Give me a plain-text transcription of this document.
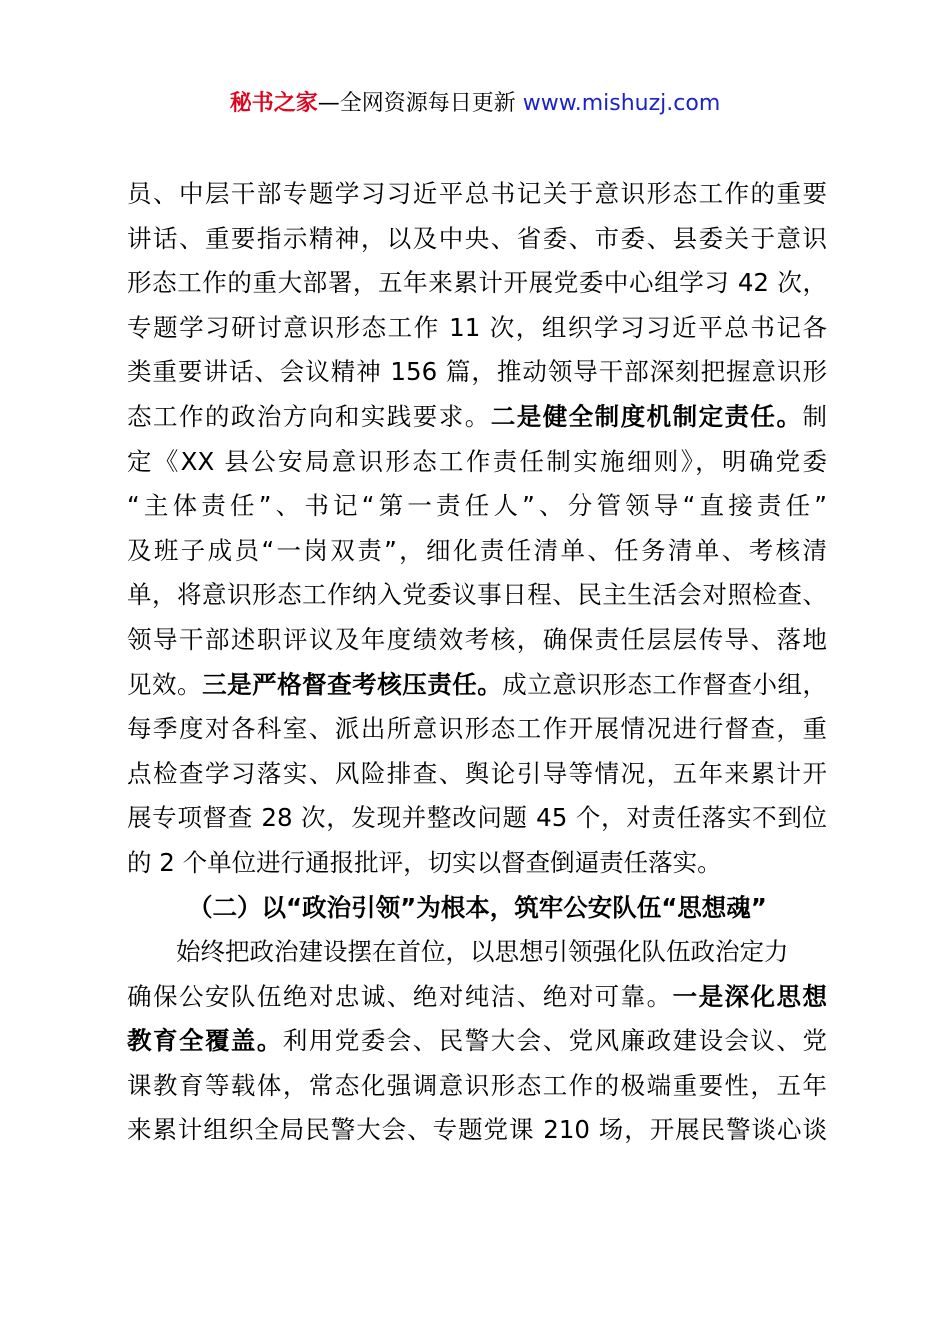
秘书之家—全网资源每日更新 www.mishuzj.com
员、中层干部专题学习习近平总书记关于意识形态工作的重要
讲话、重要指示精神，以及中央、省委、市委、县委关于意识
形态工作的重大部署，五年来累计开展党委中心组学习 42 次，
专题学习研讨意识形态工作 11 次，组织学习习近平总书记各
类重要讲话、会议精神 156 篇，推动领导干部深刻把握意识形
态工作的政治方向和实践要求。二是健全制度机制定责任。制
定《XX 县公安局意识形态工作责任制实施细则》，明确党委
“主体责任”、书记“第一责任人”、分管领导“直接责任”
及班子成员“一岗双责”，细化责任清单、任务清单、考核清
单，将意识形态工作纳入党委议事日程、民主生活会对照检查、
领导干部述职评议及年度绩效考核，确保责任层层传导、落地
见效。三是严格督查考核压责任。成立意识形态工作督查小组，
每季度对各科室、派出所意识形态工作开展情况进行督查，重
点检查学习落实、风险排查、舆论引导等情况，五年来累计开
展专项督查 28 次，发现并整改问题 45 个，对责任落实不到位
的 2 个单位进行通报批评，切实以督查倒逼责任落实。
（二）以“政治引领”为根本，筑牢公安队伍“思想魂”
始终把政治建设摆在首位，以思想引领强化队伍政治定力
确保公安队伍绝对忠诚、绝对纯洁、绝对可靠。一是深化思想
教育全覆盖。利用党委会、民警大会、党风廉政建设会议、党
课教育等载体，常态化强调意识形态工作的极端重要性，五年
来累计组织全局民警大会、专题党课 210 场，开展民警谈心谈
